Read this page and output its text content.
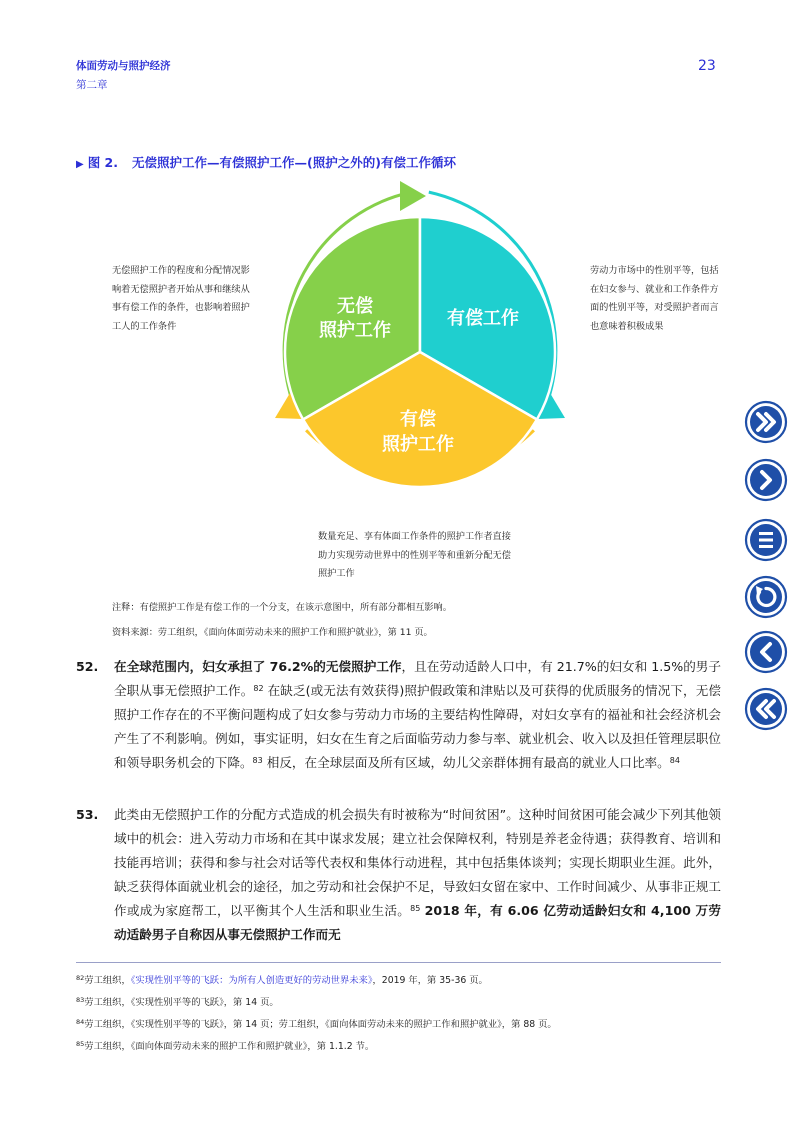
体面劳动与照护经济
第二章
23
▶ 图 2. 无偿照护工作—有偿照护工作—(照护之外的)有偿工作循环
无偿照护工作的程度和分配情况影响着无偿照护者开始从事和继续从事有偿工作的条件，也影响着照护工人的工作条件
劳动力市场中的性别平等，包括在妇女参与、就业和工作条件方面的性别平等，对受照护者而言也意味着积极成果
数量充足、享有体面工作条件的照护工作者直接助力实现劳动世界中的性别平等和重新分配无偿照护工作
无偿
照护工作
有偿工作
有偿
照护工作
注释：有偿照护工作是有偿工作的一个分支，在该示意图中，所有部分都相互影响。
资料来源：劳工组织，《面向体面劳动未来的照护工作和照护就业》，第 11 页。
52. 在全球范围内，妇女承担了 76.2%的无偿照护工作，且在劳动适龄人口中，有 21.7%的妇女和 1.5%的男子全职从事无偿照护工作。$^{82}$ 在缺乏(或无法有效获得)照护假政策和津贴以及可获得的优质服务的情况下，无偿照护工作存在的不平衡问题构成了妇女参与劳动力市场的主要结构性障碍，对妇女享有的福祉和社会经济机会产生了不利影响。例如，事实证明，妇女在生育之后面临劳动力参与率、就业机会、收入以及担任管理层职位和领导职务机会的下降。$^{83}$ 相反，在全球层面及所有区域，幼儿父亲群体拥有最高的就业人口比率。$^{84}$
53. 此类由无偿照护工作的分配方式造成的机会损失有时被称为“时间贫困”。这种时间贫困可能会减少下列其他领域中的机会：进入劳动力市场和在其中谋求发展；建立社会保障权利，特别是养老金待遇；获得教育、培训和技能再培训；获得和参与社会对话等代表权和集体行动进程，其中包括集体谈判；实现长期职业生涯。此外，缺乏获得体面就业机会的途径，加之劳动和社会保护不足，导致妇女留在家中、工作时间减少、从事非正规工作或成为家庭帮工，以平衡其个人生活和职业生活。$^{85}$ 2018 年，有 6.06 亿劳动适龄妇女和 4,100 万劳动适龄男子自称因从事无偿照护工作而无
$^{82}$劳工组织，《实现性别平等的飞跃：为所有人创造更好的劳动世界未来》，2019 年，第 35-36 页。
$^{83}$劳工组织，《实现性别平等的飞跃》，第 14 页。
$^{84}$劳工组织，《实现性别平等的飞跃》，第 14 页；劳工组织，《面向体面劳动未来的照护工作和照护就业》，第 88 页。
$^{85}$劳工组织，《面向体面劳动未来的照护工作和照护就业》，第 1.1.2 节。
